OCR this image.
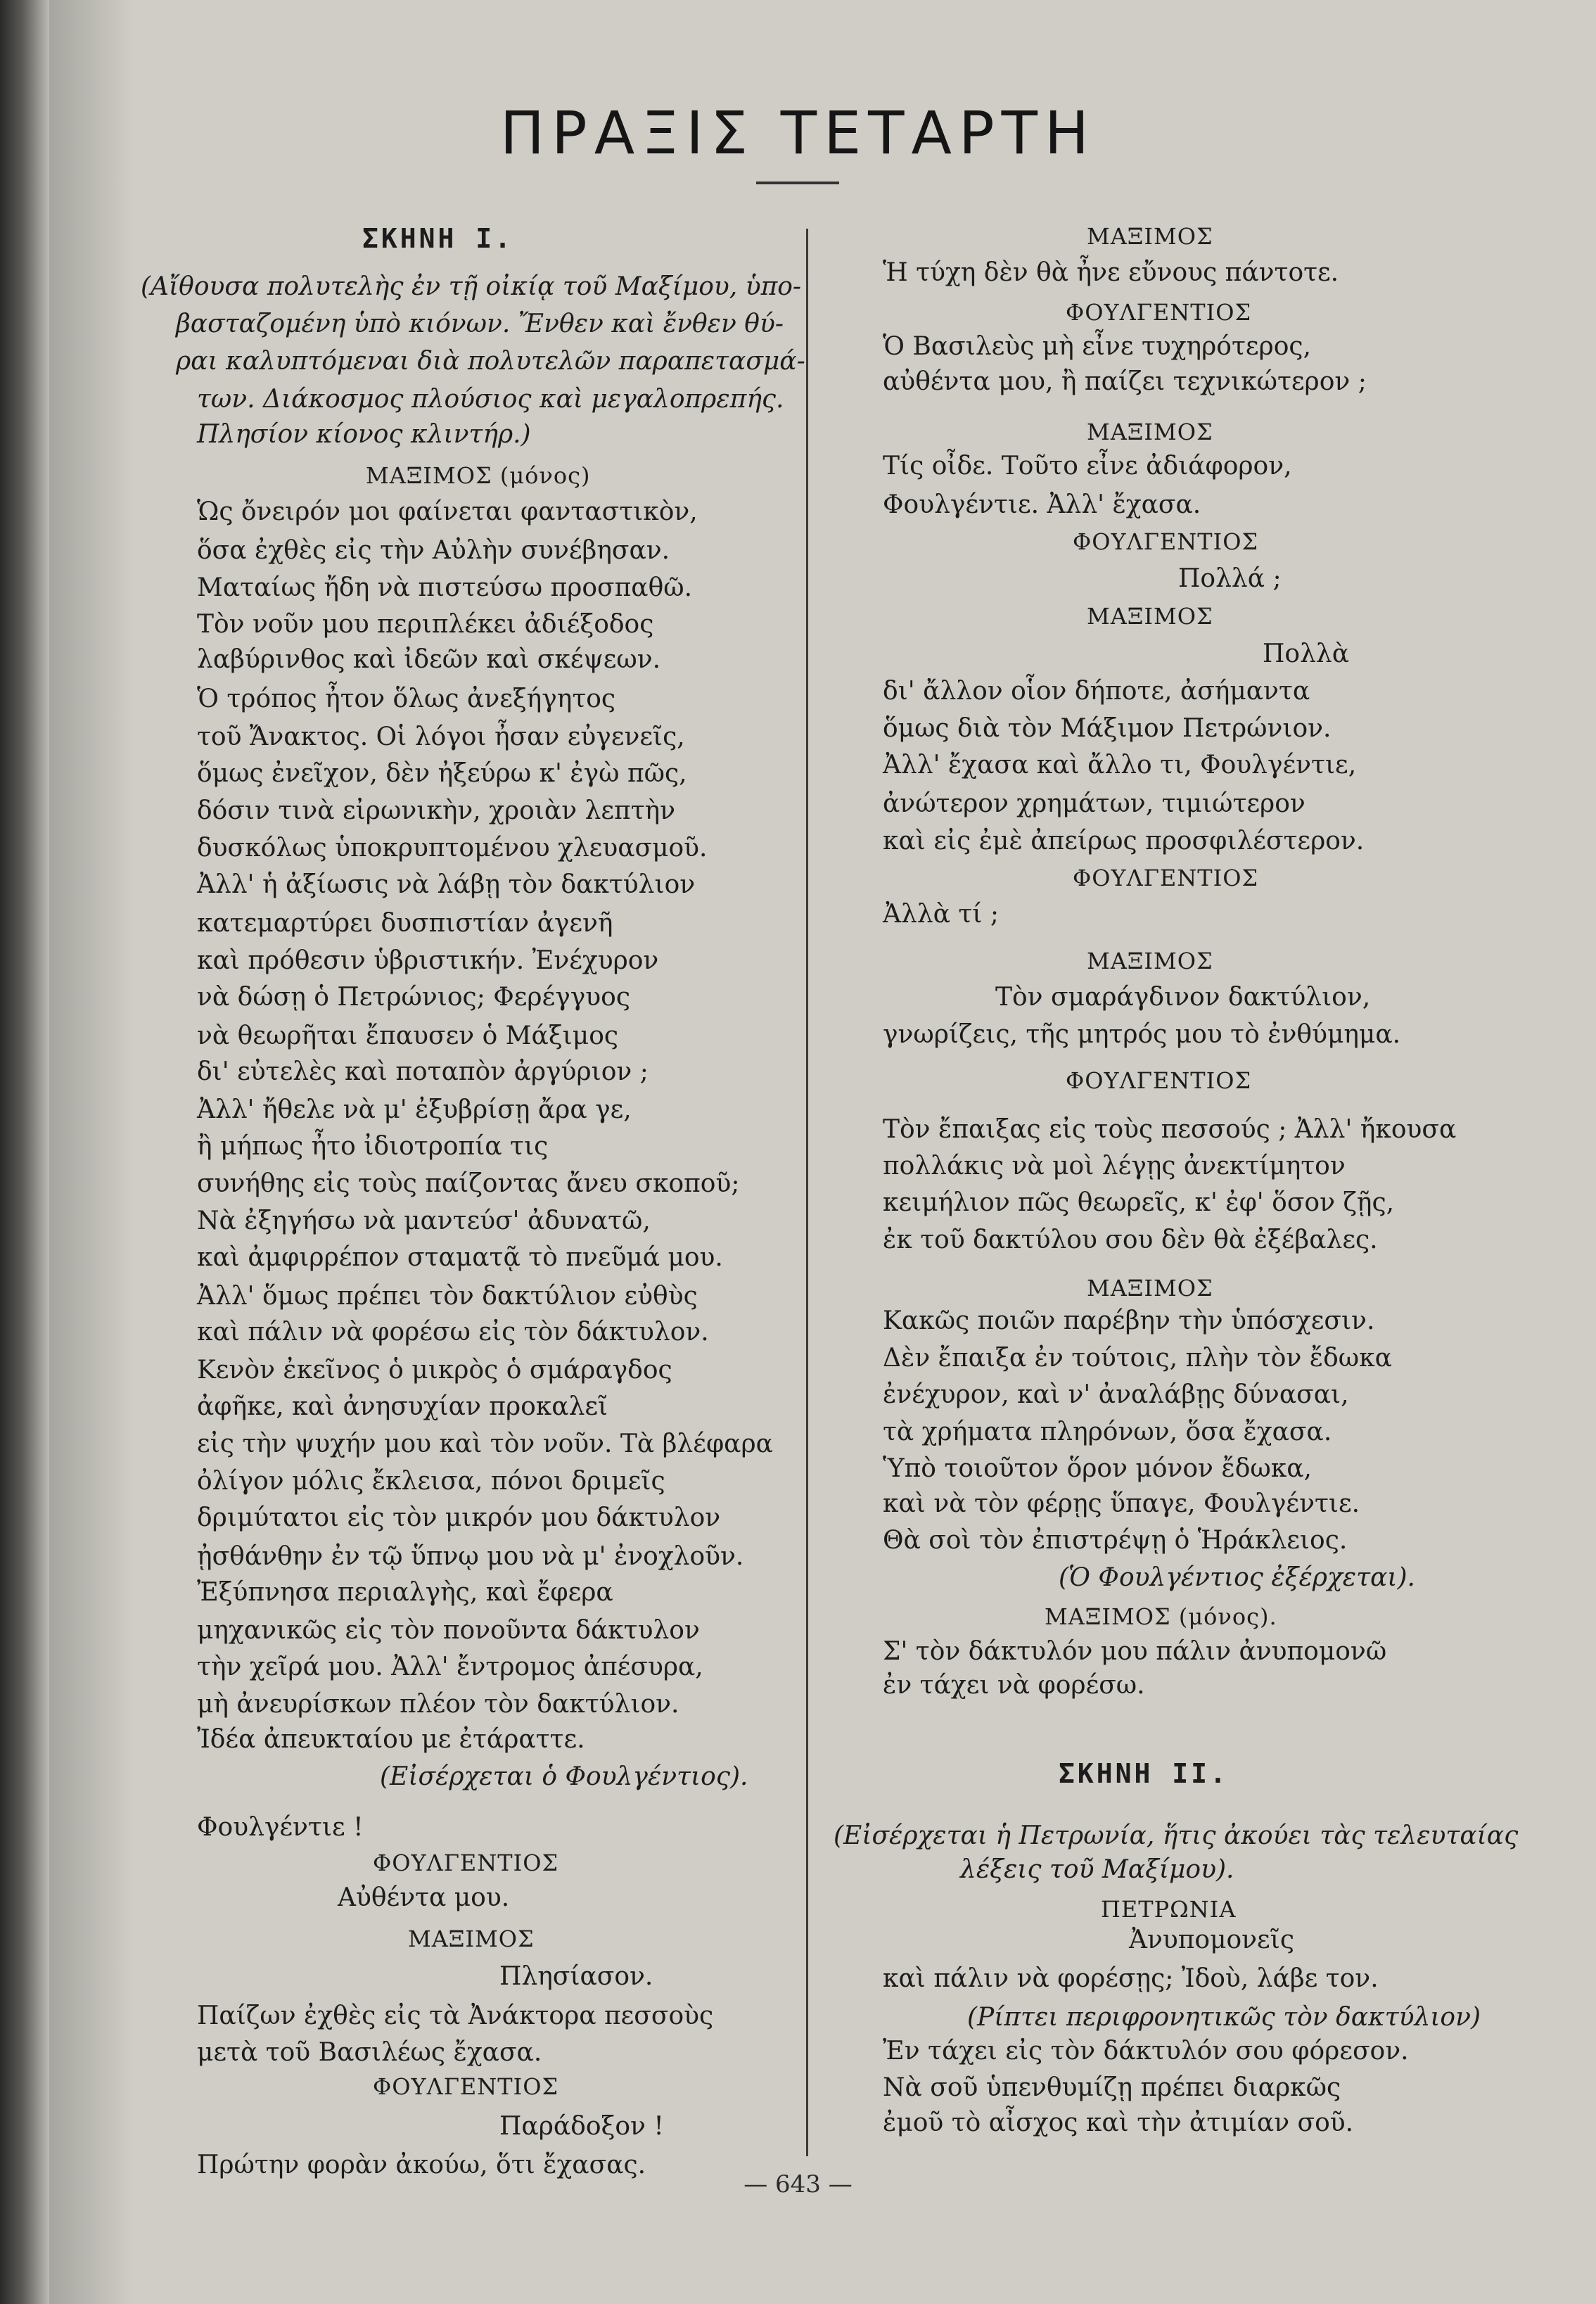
ΠΡΑΞΙΣ ΤΕΤΑΡΤΗ
ΣΚΗΝΗ Ι.
(Αἴθουσα πολυτελὴς ἐν τῇ οἰκίᾳ τοῦ Μαξίμου, ὑπο-
βασταζομένη ὑπὸ κιόνων. Ἔνθεν καὶ ἔνθεν θύ-
ραι καλυπτόμεναι διὰ πολυτελῶν παραπετασμά-
των. Διάκοσμος πλούσιος καὶ μεγαλοπρεπής.
Πλησίον κίονος κλιντήρ.)
ΜΑΞΙΜΟΣ (μόνος)
Ὡς ὄνειρόν μοι φαίνεται φανταστικὸν,
ὅσα ἐχθὲς εἰς τὴν Αὐλὴν συνέβησαν.
Ματαίως ἤδη νὰ πιστεύσω προσπαθῶ.
Τὸν νοῦν μου περιπλέκει ἀδιέξοδος
λαβύρινθος καὶ ἰδεῶν καὶ σκέψεων.
Ὁ τρόπος ἦτον ὅλως ἀνεξήγητος
τοῦ Ἄνακτος. Οἱ λόγοι ἦσαν εὐγενεῖς,
ὅμως ἐνεῖχον, δὲν ἠξεύρω κ' ἐγὼ πῶς,
δόσιν τινὰ εἰρωνικὴν, χροιὰν λεπτὴν
δυσκόλως ὑποκρυπτομένου χλευασμοῦ.
Ἀλλ' ἡ ἀξίωσις νὰ λάβῃ τὸν δακτύλιον
κατεμαρτύρει δυσπιστίαν ἀγενῆ
καὶ πρόθεσιν ὑβριστικήν. Ἐνέχυρον
νὰ δώσῃ ὁ Πετρώνιος; Φερέγγυος
νὰ θεωρῆται ἔπαυσεν ὁ Μάξιμος
δι' εὐτελὲς καὶ ποταπὸν ἀργύριον ;
Ἀλλ' ἤθελε νὰ μ' ἐξυβρίσῃ ἄρα γε,
ἢ μήπως ἦτο ἰδιοτροπία τις
συνήθης εἰς τοὺς παίζοντας ἄνευ σκοποῦ;
Νὰ ἐξηγήσω νὰ μαντεύσ' ἀδυνατῶ,
καὶ ἀμφιρρέπον σταματᾷ τὸ πνεῦμά μου.
Ἀλλ' ὅμως πρέπει τὸν δακτύλιον εὐθὺς
καὶ πάλιν νὰ φορέσω εἰς τὸν δάκτυλον.
Κενὸν ἐκεῖνος ὁ μικρὸς ὁ σμάραγδος
ἀφῆκε, καὶ ἀνησυχίαν προκαλεῖ
εἰς τὴν ψυχήν μου καὶ τὸν νοῦν. Τὰ βλέφαρα
ὀλίγον μόλις ἔκλεισα, πόνοι δριμεῖς
δριμύτατοι εἰς τὸν μικρόν μου δάκτυλον
ᾐσθάνθην ἐν τῷ ὕπνῳ μου νὰ μ' ἐνοχλοῦν.
Ἐξύπνησα περιαλγὴς, καὶ ἔφερα
μηχανικῶς εἰς τὸν πονοῦντα δάκτυλον
τὴν χεῖρά μου. Ἀλλ' ἔντρομος ἀπέσυρα,
μὴ ἀνευρίσκων πλέον τὸν δακτύλιον.
Ἰδέα ἀπευκταίου με ἐτάραττε.
(Εἰσέρχεται ὁ Φουλγέντιος).
Φουλγέντιε !
ΦΟΥΛΓΕΝΤΙΟΣ
Αὐθέντα μου.
ΜΑΞΙΜΟΣ
Πλησίασον.
Παίζων ἐχθὲς εἰς τὰ Ἀνάκτορα πεσσοὺς
μετὰ τοῦ Βασιλέως ἔχασα.
ΦΟΥΛΓΕΝΤΙΟΣ
Παράδοξον !
Πρώτην φορὰν ἀκούω, ὅτι ἔχασας.
ΜΑΞΙΜΟΣ
Ἡ τύχη δὲν θὰ ἦνε εὔνους πάντοτε.
ΦΟΥΛΓΕΝΤΙΟΣ
Ὁ Βασιλεὺς μὴ εἶνε τυχηρότερος,
αὐθέντα μου, ἢ παίζει τεχνικώτερον ;
ΜΑΞΙΜΟΣ
Τίς οἶδε. Τοῦτο εἶνε ἀδιάφορον,
Φουλγέντιε. Ἀλλ' ἔχασα.
ΦΟΥΛΓΕΝΤΙΟΣ
Πολλά ;
ΜΑΞΙΜΟΣ
Πολλὰ
δι' ἄλλον οἷον δήποτε, ἀσήμαντα
ὅμως διὰ τὸν Μάξιμον Πετρώνιον.
Ἀλλ' ἔχασα καὶ ἄλλο τι, Φουλγέντιε,
ἀνώτερον χρημάτων, τιμιώτερον
καὶ εἰς ἐμὲ ἀπείρως προσφιλέστερον.
ΦΟΥΛΓΕΝΤΙΟΣ
Ἀλλὰ τί ;
ΜΑΞΙΜΟΣ
Τὸν σμαράγδινον δακτύλιον,
γνωρίζεις, τῆς μητρός μου τὸ ἐνθύμημα.
ΦΟΥΛΓΕΝΤΙΟΣ
Τὸν ἔπαιξας εἰς τοὺς πεσσούς ; Ἀλλ' ἤκουσα
πολλάκις νὰ μοὶ λέγῃς ἀνεκτίμητον
κειμήλιον πῶς θεωρεῖς, κ' ἐφ' ὅσον ζῇς,
ἐκ τοῦ δακτύλου σου δὲν θὰ ἐξέβαλες.
ΜΑΞΙΜΟΣ
Κακῶς ποιῶν παρέβην τὴν ὑπόσχεσιν.
Δὲν ἔπαιξα ἐν τούτοις, πλὴν τὸν ἔδωκα
ἐνέχυρον, καὶ ν' ἀναλάβῃς δύνασαι,
τὰ χρήματα πληρόνων, ὅσα ἔχασα.
Ὑπὸ τοιοῦτον ὅρον μόνον ἔδωκα,
καὶ νὰ τὸν φέρῃς ὕπαγε, Φουλγέντιε.
Θὰ σοὶ τὸν ἐπιστρέψῃ ὁ Ἡράκλειος.
(Ὁ Φουλγέντιος ἐξέρχεται).
ΜΑΞΙΜΟΣ (μόνος).
Σ' τὸν δάκτυλόν μου πάλιν ἀνυπομονῶ
ἐν τάχει νὰ φορέσω.
ΣΚΗΝΗ ΙΙ.
(Εἰσέρχεται ἡ Πετρωνία, ἥτις ἀκούει τὰς τελευταίας
λέξεις τοῦ Μαξίμου).
ΠΕΤΡΩΝΙΑ
Ἀνυπομονεῖς
καὶ πάλιν νὰ φορέσῃς; Ἰδοὺ, λάβε τον.
(Ρίπτει περιφρονητικῶς τὸν δακτύλιον)
Ἐν τάχει εἰς τὸν δάκτυλόν σου φόρεσον.
Νὰ σοῦ ὑπενθυμίζῃ πρέπει διαρκῶς
ἐμοῦ τὸ αἶσχος καὶ τὴν ἀτιμίαν σοῦ.
— 643 —
